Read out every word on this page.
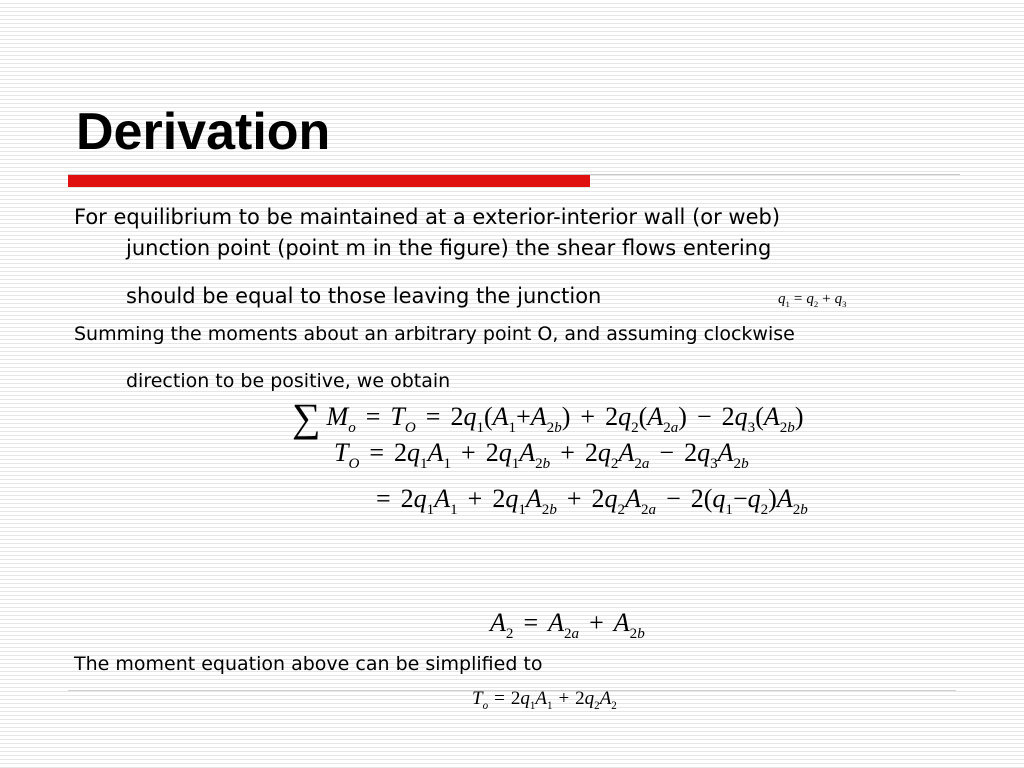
Derivation

For equilibrium to be maintained at a exterior-interior wall (or web)

junction point (point m in the figure) the shear flows entering

should be equal to those leaving the junction	$q_1 = q_2 + q_3$

Summing the moments about an arbitrary point O, and assuming clockwise

direction to be positive, we obtain

∑ $M_o = T_O = 2q_1(A_1+A_{2b}) + 2q_2(A_{2a}) - 2q_3(A_{2b})$
$T_O = 2q_1A_1 + 2q_1A_{2b} + 2q_2A_{2a} - 2q_3A_{2b}$
= $2q_1A_1 + 2q_1A_{2b} + 2q_2A_{2a} - 2(q_1-q_2)A_{2b}$
$A_2 = A_{2a} + A_{2b}$

The moment equation above can be simplified to

$T_o = 2q_1A_1 + 2q_2A_2$
